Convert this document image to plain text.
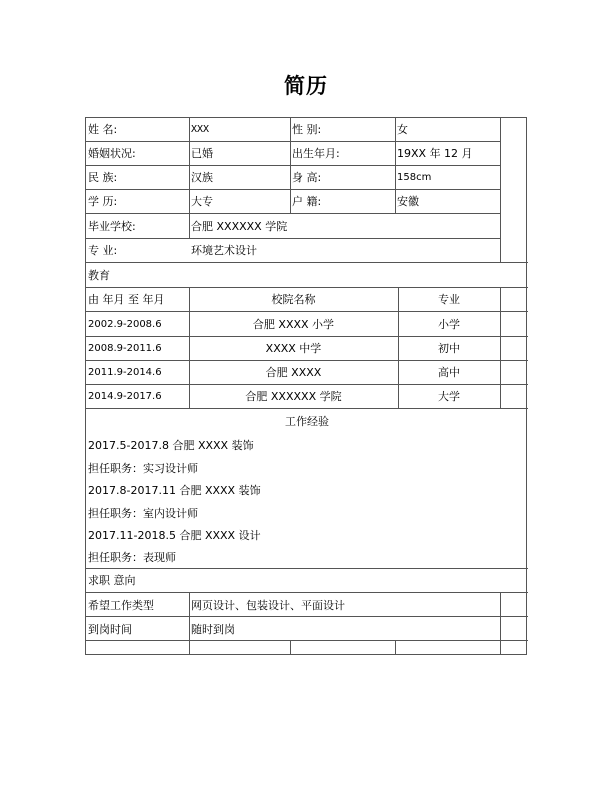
简历
姓 名:	XXX	性 别:	女
婚姻状况:	已婚	出生年月:	19XX 年 12 月
民 族:	汉族	身 高:	158cm
学 历:	大专	户 籍:	安徽
毕业学校:	合肥 XXXXXX 学院
专 业:	环境艺术设计
教育
由 年月 至 年月	校院名称	专业
2002.9-2008.6	合肥 XXXX 小学	小学
2008.9-2011.6	XXXX 中学	初中
2011.9-2014.6	合肥 XXXX	高中
2014.9-2017.6	合肥 XXXXXX 学院	大学
工作经验
2017.5-2017.8 合肥 XXXX 装饰
担任职务：实习设计师
2017.8-2017.11 合肥 XXXX 装饰
担任职务：室内设计师
2017.11-2018.5 合肥 XXXX 设计
担任职务：表现师
求职 意向
希望工作类型	网页设计、包装设计、平面设计
到岗时间	随时到岗
